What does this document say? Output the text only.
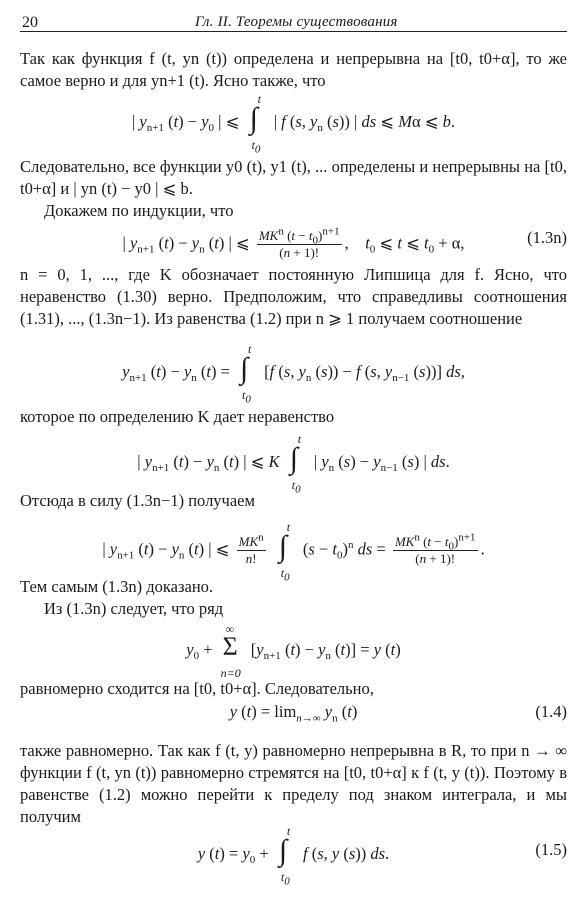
20	Гл. II. Теоремы существования
Так как функция f (t, yn (t)) определена и непрерывна на [t0, t0+α], то же самое верно и для yn+1 (t). Ясно также, что
| $y_{n+1}$ $(t) - y_0$ | ⩽ ∫
t
$t_0$
| f (s, $y_n$ (s)) | ds ⩽ Mα ⩽ b.
Следовательно, все функции y0 (t), y1 (t), ... определены и непрерывны на [t0, t0+α] и | yn (t) − y0 | ⩽ b.
Докажем по индукции, что
| $y_{n+1}$ $(t) - y_n$ (t) | ⩽ $\frac{MK^n (t - t_0)^{n+1}}{(n + 1)!}$ ,    $t_0$ ⩽ t ⩽ $t_0 + \alpha$,	(1.3n)
n = 0, 1, ..., где K обозначает постоянную Липшица для f. Ясно, что неравенство (1.30) верно. Предположим, что справедливы соотношения (1.31), ..., (1.3n−1). Из равенства (1.2) при n ⩾ 1 получаем соотношение
$y_{n+1}$ $(t) - y_n$ (t) = ∫
t
$t_0$
[f (s, $y_n$ (s)) − f (s, $y_{n-1}$ (s))] ds,
которое по определению K дает неравенство
| $y_{n+1}$ $(t) - y_n$ (t) | ⩽ K ∫
t
$t_0$
| $y_n$ $(s) - y_{n-1}$ (s) | ds.
Отсюда в силу (1.3n−1) получаем
| $y_{n+1}$ $(t) - y_n$ (t) | ⩽ $\frac{MK^n}{n!}$
∫
t
$t_0$
$(s - t_0)^n$ ds = $\frac{MK^n (t - t_0)^{n+1}}{(n + 1)!}$ .
Тем самым (1.3n) доказано.
Из (1.3n) следует, что ряд
$y_0$ +
∞
Σ
n=0
[$y_{n+1}$ $(t) - y_n$ (t)] = y (t)
равномерно сходится на [t0, t0+α]. Следовательно,
y $(t) = \lim_{n\to\infty} y_n$ (t)	(1.4)
также равномерно. Так как f (t, y) равномерно непрерывна в R, то при n → ∞ функции f (t, yn (t)) равномерно стремятся на [t0, t0+α] к f (t, y (t)). Поэтому в равенстве (1.2) можно перейти к пределу под знаком интеграла, и мы получим
y $(t) = y_0$ + ∫
t
$t_0$
f (s, y (s)) ds.	(1.5)
